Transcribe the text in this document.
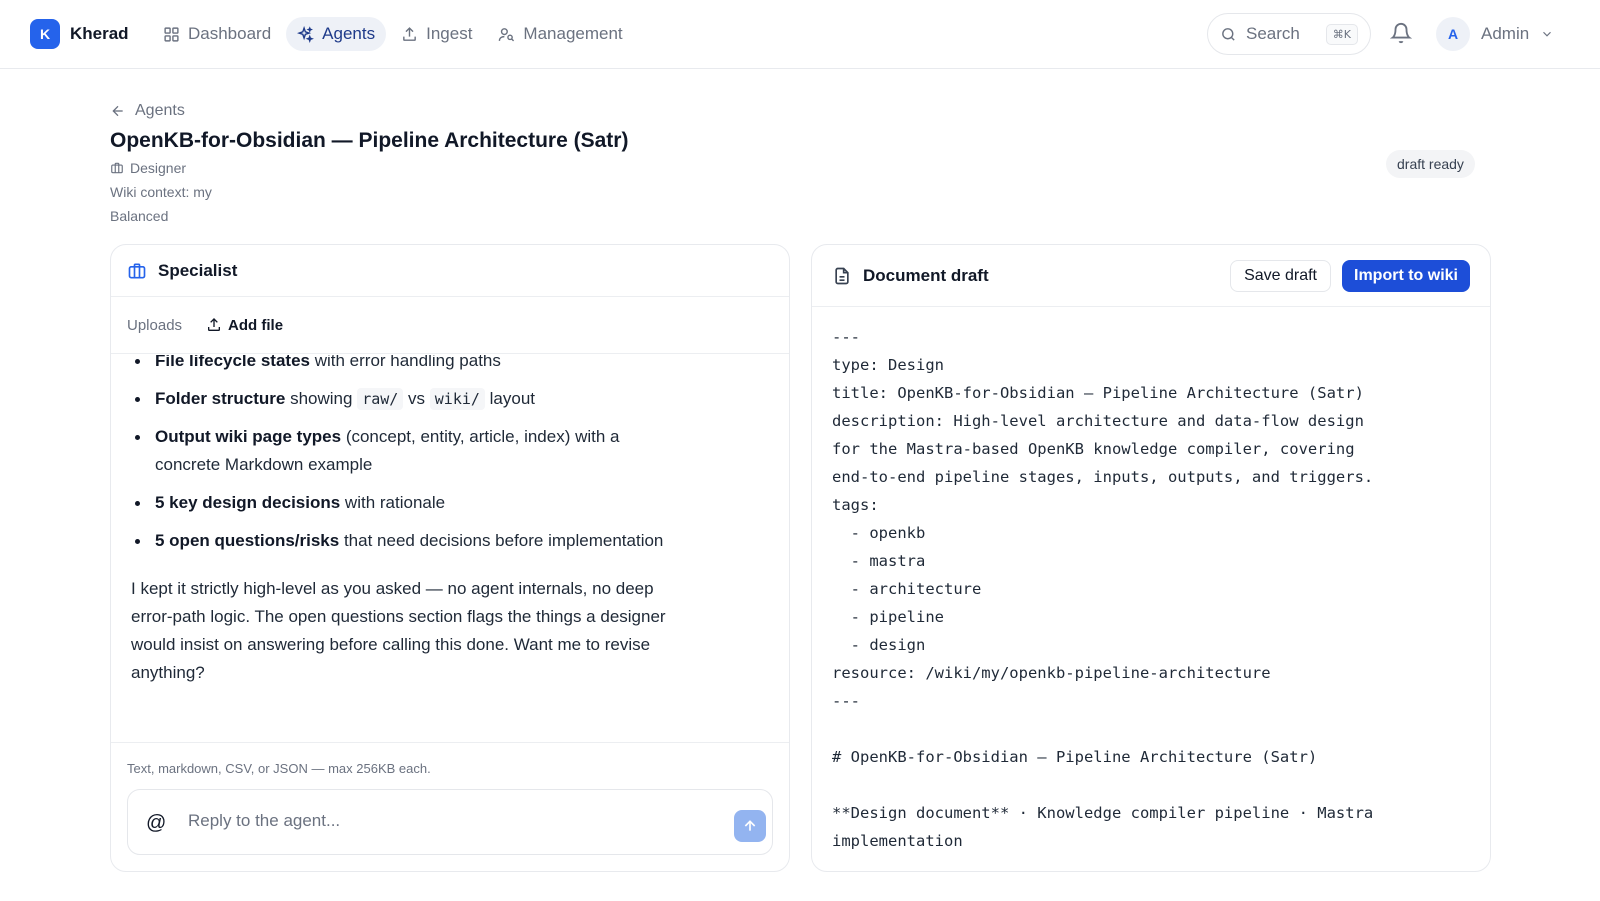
K	Kherad	Dashboard	Agents	Ingest	Management	Search	⌘K	A	Admin
Agents
OpenKB-for-Obsidian — Pipeline Architecture (Satr)
Designer
Wiki context: my
Balanced
draft ready
Specialist
Uploads	Add file
File lifecycle states with error handling paths
Folder structure showing raw/ vs wiki/ layout
Output wiki page types (concept, entity, article, index) with a concrete Markdown example
5 key design decisions with rationale
5 open questions/risks that need decisions before implementation

I kept it strictly high-level as you asked — no agent internals, no deep error-path logic. The open questions section flags the things a designer would insist on answering before calling this done. Want me to revise anything?

Text, markdown, CSV, or JSON — max 256KB each.
@
Reply to the agent...
Document draft	Save draft	Import to wiki
---
type: Design
title: OpenKB-for-Obsidian — Pipeline Architecture (Satr)
description: High-level architecture and data-flow design
for the Mastra-based OpenKB knowledge compiler, covering
end-to-end pipeline stages, inputs, outputs, and triggers.
tags:
- openkb
- mastra
- architecture
- pipeline
- design
resource: /wiki/my/openkb-pipeline-architecture
---

# OpenKB-for-Obsidian — Pipeline Architecture (Satr)

**Design document** · Knowledge compiler pipeline · Mastra
implementation
